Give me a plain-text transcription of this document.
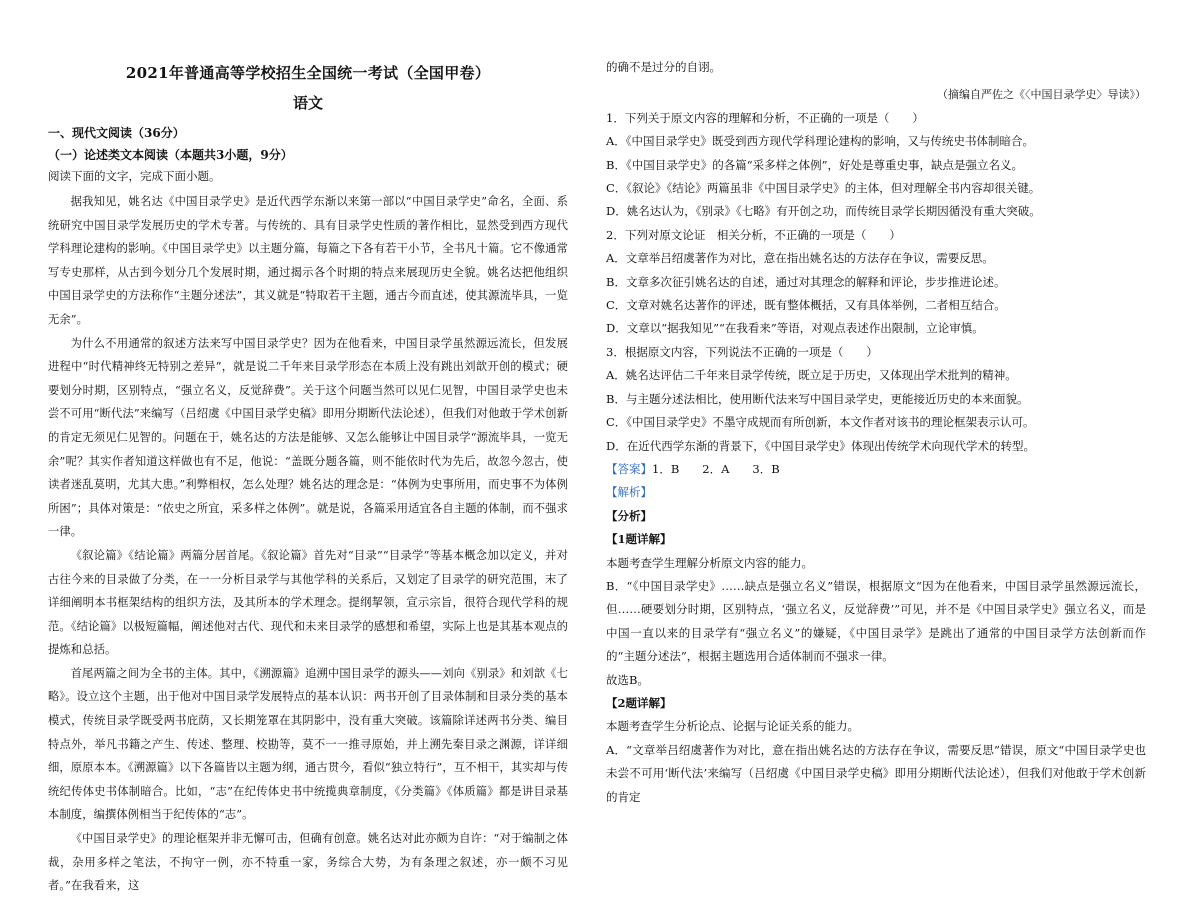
2021年普通高等学校招生全国统一考试（全国甲卷）
语文
一、现代文阅读（36分）
（一）论述类文本阅读（本题共3小题，9分）
阅读下面的文字，完成下面小题。

据我知见，姚名达《中国目录学史》是近代西学东渐以来第一部以“中国目录学史”命名，全面、系统研究中国目录学发展历史的学术专著。与传统的、具有目录学史性质的著作相比，显然受到西方现代学科理论建构的影响。《中国目录学史》以主题分篇，每篇之下各有若干小节，全书凡十篇。它不像通常写专史那样，从古到今划分几个发展时期，通过揭示各个时期的特点来展现历史全貌。姚名达把他组织中国目录学史的方法称作“主题分述法”，其义就是“特取若干主题，通古今而直述，使其源流毕具，一览无余”。

为什么不用通常的叙述方法来写中国目录学史？因为在他看来，中国目录学虽然源远流长，但发展进程中“时代精神终无特别之差异”，就是说二千年来目录学形态在本质上没有跳出刘歆开创的模式；硬要划分时期，区别特点，“强立名义，反觉辞费”。关于这个问题当然可以见仁见智，中国目录学史也未尝不可用“断代法”来编写（吕绍虞《中国目录学史稿》即用分期断代法论述），但我们对他敢于学术创新的肯定无须见仁见智的。问题在于，姚名达的方法是能够、又怎么能够让中国目录学“源流毕具，一览无余”呢？其实作者知道这样做也有不足，他说：“盖既分题各篇，则不能依时代为先后，故忽今忽古，使读者迷乱莫明，尤其大患。”利弊相权，怎么处理？姚名达的理念是：“体例为史事所用，而史事不为体例所困”；具体对策是：“依史之所宜，采多样之体例”。就是说，各篇采用适宜各自主题的体制，而不强求一律。

《叙论篇》《结论篇》两篇分居首尾。《叙论篇》首先对“目录”“目录学”等基本概念加以定义，并对古往今来的目录做了分类，在一一分析目录学与其他学科的关系后，又划定了目录学的研究范围，末了详细阐明本书框架结构的组织方法，及其所本的学术理念。提纲挈领，宣示宗旨，很符合现代学科的规范。《结论篇》以极短篇幅，阐述他对古代、现代和未来目录学的感想和希望，实际上也是其基本观点的提炼和总括。

首尾两篇之间为全书的主体。其中，《溯源篇》追溯中国目录学的源头——刘向《别录》和刘歆《七略》。设立这个主题，出于他对中国目录学发展特点的基本认识：两书开创了目录体制和目录分类的基本模式，传统目录学既受两书庇荫，又长期笼罩在其阴影中，没有重大突破。该篇除详述两书分类、编目特点外，举凡书籍之产生、传述、整理、校勘等，莫不一一推寻原始，并上溯先秦目录之渊源，详详细细，原原本本。《溯源篇》以下各篇皆以主题为纲，通古贯今，看似“独立特行”，互不相干，其实却与传统纪传体史书体制暗合。比如，“志”在纪传体史书中统揽典章制度，《分类篇》《体质篇》都是讲目录基本制度，编撰体例相当于纪传体的“志”。

《中国目录学史》的理论框架并非无懈可击，但确有创意。姚名达对此亦颇为自许：“对于编制之体裁，杂用多样之笔法，不拘守一例，亦不特重一家，务综合大势，为有条理之叙述，亦一颇不习见者。”在我看来，这

的确不是过分的自诩。

（摘编自严佐之《〈中国目录学史〉导读》）

1．下列关于原文内容的理解和分析，不正确的一项是（　　）

A．《中国目录学史》既受到西方现代学科理论建构的影响，又与传统史书体制暗合。

B．《中国目录学史》的各篇“采多样之体例”，好处是尊重史事，缺点是强立名义。

C．《叙论》《结论》两篇虽非《中国目录学史》的主体，但对理解全书内容却很关键。

D．姚名达认为，《别录》《七略》有开创之功，而传统目录学长期因循没有重大突破。

2．下列对原文论证　相关分析，不正确的一项是（　　）

A．文章举吕绍虞著作为对比，意在指出姚名达的方法存在争议，需要反思。

B．文章多次征引姚名达的自述，通过对其理念的解释和评论，步步推进论述。

C．文章对姚名达著作的评述，既有整体概括，又有具体举例，二者相互结合。

D．文章以“据我知见”“在我看来”等语，对观点表述作出限制，立论审慎。

3．根据原文内容，下列说法不正确的一项是（　　）

A．姚名达评估二千年来目录学传统，既立足于历史，又体现出学术批判的精神。

B．与主题分述法相比，使用断代法来写中国目录学史，更能接近历史的本来面貌。

C．《中国目录学史》不墨守成规而有所创新，本文作者对该书的理论框架表示认可。

D．在近代西学东渐的背景下，《中国目录学史》体现出传统学术向现代学术的转型。

【答案】1．B　　2．A　　3．B

【解析】

【分析】

【1题详解】

本题考查学生理解分析原文内容的能力。

B．“《中国目录学史》……缺点是强立名义”错误，根据原文“因为在他看来，中国目录学虽然源远流长，但……硬要划分时期，区别特点，‘强立名义，反觉辞费’”可见，并不是《中国目录学史》强立名义，而是中国一直以来的目录学有“强立名义”的嫌疑，《中国目录学》是跳出了通常的中国目录学方法创新而作的“主题分述法”，根据主题选用合适体制而不强求一律。

故选B。

【2题详解】

本题考查学生分析论点、论据与论证关系的能力。

A．“文章举吕绍虞著作为对比，意在指出姚名达的方法存在争议，需要反思”错误，原文“中国目录学史也未尝不可用‘断代法’来编写（吕绍虞《中国目录学史稿》即用分期断代法论述），但我们对他敢于学术创新的肯定
